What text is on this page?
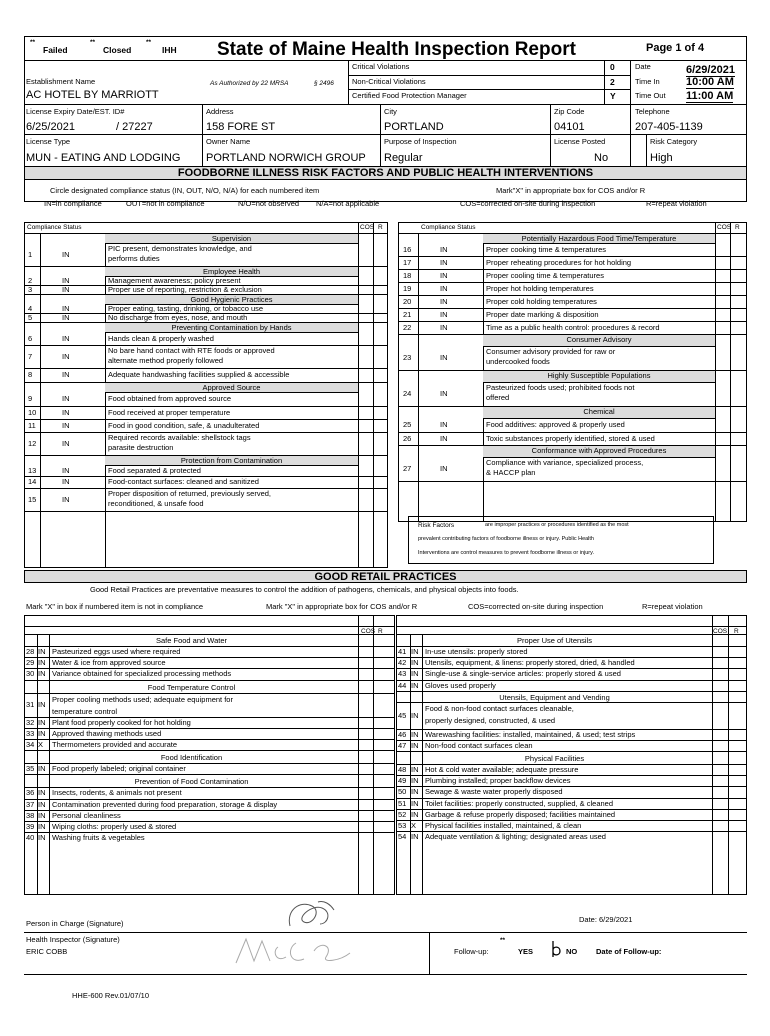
**
Failed
**
Closed
**
IHH State of Maine Health Inspection Report	Page 1 of 4
Critical Violations	0
Non-Critical Violations	2
Certified Food Protection Manager	Y
Date	6/29/2021
Time In 10:00 AM
Time Out 11:00 AM
Establishment Name
AC HOTEL BY MARRIOTT
As Authorized by 22 MRSA	§ 2496
License Expiry Date/EST. ID#
6/25/2021	/ 27227
Address
158 FORE ST
City
PORTLAND
Zip Code
04101
Telephone
207-405-1139
License Type
MUN - EATING AND LODGING
Owner Name
PORTLAND NORWICH GROUP
Purpose of Inspection
Regular
License Posted
No
Risk Category
High
FOODBORNE ILLNESS RISK FACTORS AND PUBLIC HEALTH INTERVENTIONS
Circle designated compliance status (IN, OUT, N/O, N/A) for each numbered item	Mark"X" in appropriate box for COS and/or R
IN=in compliance	OUT=not in compliance	N/O=not observed N/A=not applicable	COS=corrected on-site during inspection	R=repeat violation
Compliance Status	COS R
Supervision
1	IN
PIC present, demonstrates knowledge, and
performs duties
Employee Health
2	IN	Management awareness; policy present
3	IN	Proper use of reporting, restriction & exclusion
Good Hygienic Practices
4	IN	Proper eating, tasting, drinking, or tobacco use
5	IN	No discharge from eyes, nose, and mouth
Preventing Contamination by Hands
6	IN	Hands clean & properly washed
7	IN
No bare hand contact with RTE foods or approved
alternate method properly followed
8	IN	Adequate handwashing facilities supplied & accessible
Approved Source
9	IN	Food obtained from approved source
10	IN	Food received at proper temperature
11	IN	Food in good condition, safe, & unadulterated
12	IN
Required records available: shellstock tags
parasite destruction
Protection from Contamination
13	IN	Food separated & protected
14	IN	Food-contact surfaces: cleaned and sanitized
15	IN
Proper disposition of returned, previously served,
reconditioned, & unsafe food
Compliance Status	COS R
Potentially Hazardous Food Time/Temperature
16	IN	Proper cooking time & temperatures
17	IN	Proper reheating procedures for hot holding
18	IN	Proper cooling time & temperatures
19	IN	Proper hot holding temperatures
20	IN	Proper cold holding temperatures
21	IN	Proper date marking & disposition
22	IN	Time as a public health control: procedures & record
Consumer Advisory
23	IN
Consumer advisory provided for raw or
undercooked foods
Highly Susceptible Populations
24	IN
Pasteurized foods used; prohibited foods not
offered
Chemical
25	IN	Food additives: approved & properly used
26	IN	Toxic substances properly identified, stored & used
Conformance with Approved Procedures
27	IN
Compliance with variance, specialized process,
& HACCP plan
Risk Factors	are improper practices or procedures identified as the most
prevalent contributing factors of foodborne illness or injury. Public Health
Interventions are control measures to prevent foodborne illness or injury.
GOOD RETAIL PRACTICES
Good Retail Practices are preventative measures to control the addition of pathogens, chemicals, and physical objects into foods.
Mark "X" in box if numbered item is not in compliance	Mark "X" in appropriate box for COS and/or R	COS=corrected on-site during inspection	R=repeat violation
COS R
Safe Food and Water
28 IN Pasteurized eggs used where required
29 IN Water & ice from approved source
30 IN Variance obtained for specialized processing methods
Food Temperature Control
31 IN
Proper cooling methods used; adequate equipment for
temperature control
32 IN Plant food properly cooked for hot holding
33 IN Approved thawing methods used
34 X Thermometers provided and accurate
Food Identification
35 IN Food properly labeled; original container
Prevention of Food Contamination
36 IN Insects, rodents, & animals not present
37 IN Contamination prevented during food preparation, storage & display
38 IN Personal cleanliness
39 IN Wiping cloths: properly used & stored
40 IN Washing fruits & vegetables
COS R
Proper Use of Utensils
41 IN In-use utensils: properly stored
42 IN Utensils, equipment, & linens: properly stored, dried, & handled
43 IN Single-use & single-service articles: properly stored & used
44 IN Gloves used properly
Utensils, Equipment and Vending
45 IN
Food & non-food contact surfaces cleanable,
properly designed, constructed, & used
46 IN Warewashing facilities: installed, maintained, & used; test strips
47 IN Non-food contact surfaces clean
Physical Facilities
48 IN Hot & cold water available; adequate pressure
49 IN Plumbing installed; proper backflow devices
50 IN Sewage & waste water properly disposed
51 IN Toilet facilities: properly constructed, supplied, & cleaned
52 IN Garbage & refuse properly disposed; facilities maintained
53 X Physical facilities installed, maintained, & clean
54 IN Adequate ventilation & lighting; designated areas used
Person in Charge (Signature)	Date: 6/29/2021
Health Inspector (Signature)
ERIC COBB	Follow-up:
**
YES	NO	Date of Follow-up:
HHE-600 Rev.01/07/10
